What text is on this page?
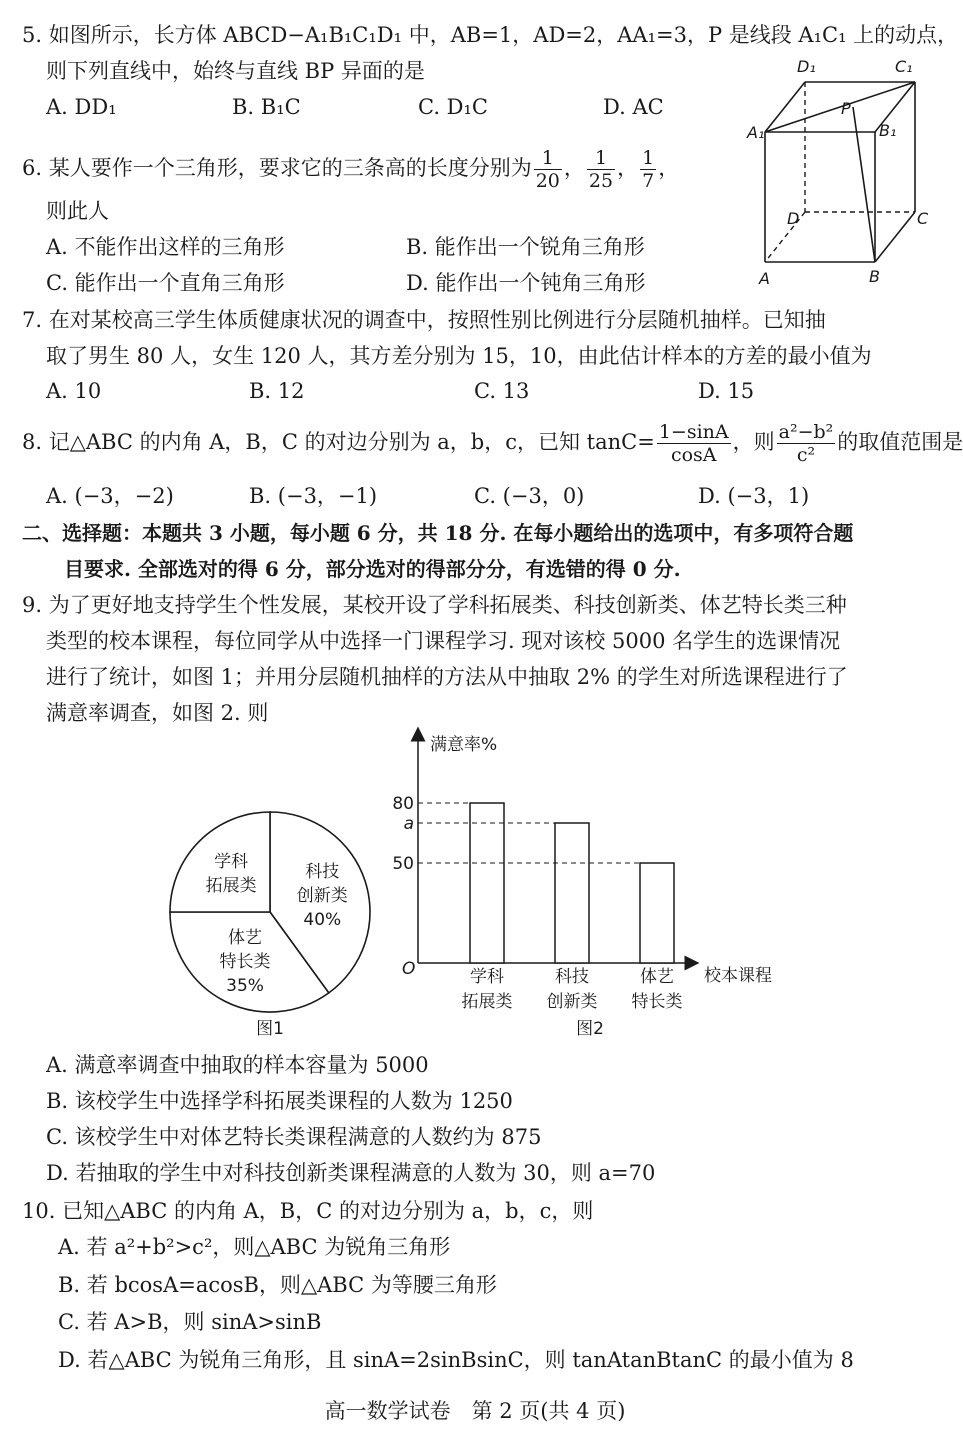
5. 如图所示，长方体 ABCD−A₁B₁C₁D₁ 中，AB=1，AD=2，AA₁=3，P 是线段 A₁C₁ 上的动点，
则下列直线中，始终与直线 BP 异面的是
A. DD₁	B. B₁C	C. D₁C	D. AC
D₁	C₁
A₁	B₁
P
D	C
A	B
6. 某人要作一个三角形，要求它的三条高的长度分别为 $\frac{1}{20}$ ， $\frac{1}{25}$ ， $\frac{1}{7}$ ，
则此人
A. 不能作出这样的三角形	B. 能作出一个锐角三角形
C. 能作出一个直角三角形	D. 能作出一个钝角三角形
7. 在对某校高三学生体质健康状况的调查中，按照性别比例进行分层随机抽样。已知抽
取了男生 80 人，女生 120 人，其方差分别为 15，10，由此估计样本的方差的最小值为
A. 10	B. 12	C. 13	D. 15
8. 记△ABC 的内角 A，B，C 的对边分别为 a，b，c，已知 $\tan C= \frac{1-\sin A}{\cos A}$ ，则 $\frac{\text{a²−b²}}{\text{c²}}$ 的取值范围是
A. (−3，−2)	B. (−3，−1)	C. (−3，0)	D. (−3，1)
二、选择题：本题共 3 小题，每小题 6 分，共 18 分. 在每小题给出的选项中，有多项符合题
目要求. 全部选对的得 6 分，部分选对的得部分分，有选错的得 0 分.
9. 为了更好地支持学生个性发展，某校开设了学科拓展类、科技创新类、体艺特长类三种
类型的校本课程，每位同学从中选择一门课程学习. 现对该校 5000 名学生的选课情况
进行了统计，如图 1；并用分层随机抽样的方法从中抽取 2% 的学生对所选课程进行了
满意率调查，如图 2. 则
科技
创新类
40%
体艺
特长类
35%
学科
拓展类
图1
80
a
50
学科
拓展类
科技
创新类
体艺
特长类
满意率%
校本课程
O
图2
A. 满意率调查中抽取的样本容量为 5000
B. 该校学生中选择学科拓展类课程的人数为 1250
C. 该校学生中对体艺特长类课程满意的人数约为 875
D. 若抽取的学生中对科技创新类课程满意的人数为 30，则 a=70
10. 已知△ABC 的内角 A，B，C 的对边分别为 a，b，c，则
A. 若 a²+b²>c²，则△ABC 为锐角三角形
B. 若 bcosA=acosB，则△ABC 为等腰三角形
C. 若 A>B，则 sinA>sinB
D. 若△ABC 为锐角三角形，且 sinA=2sinBsinC，则 tanAtanBtanC 的最小值为 8
高一数学试卷　第 2 页(共 4 页)
